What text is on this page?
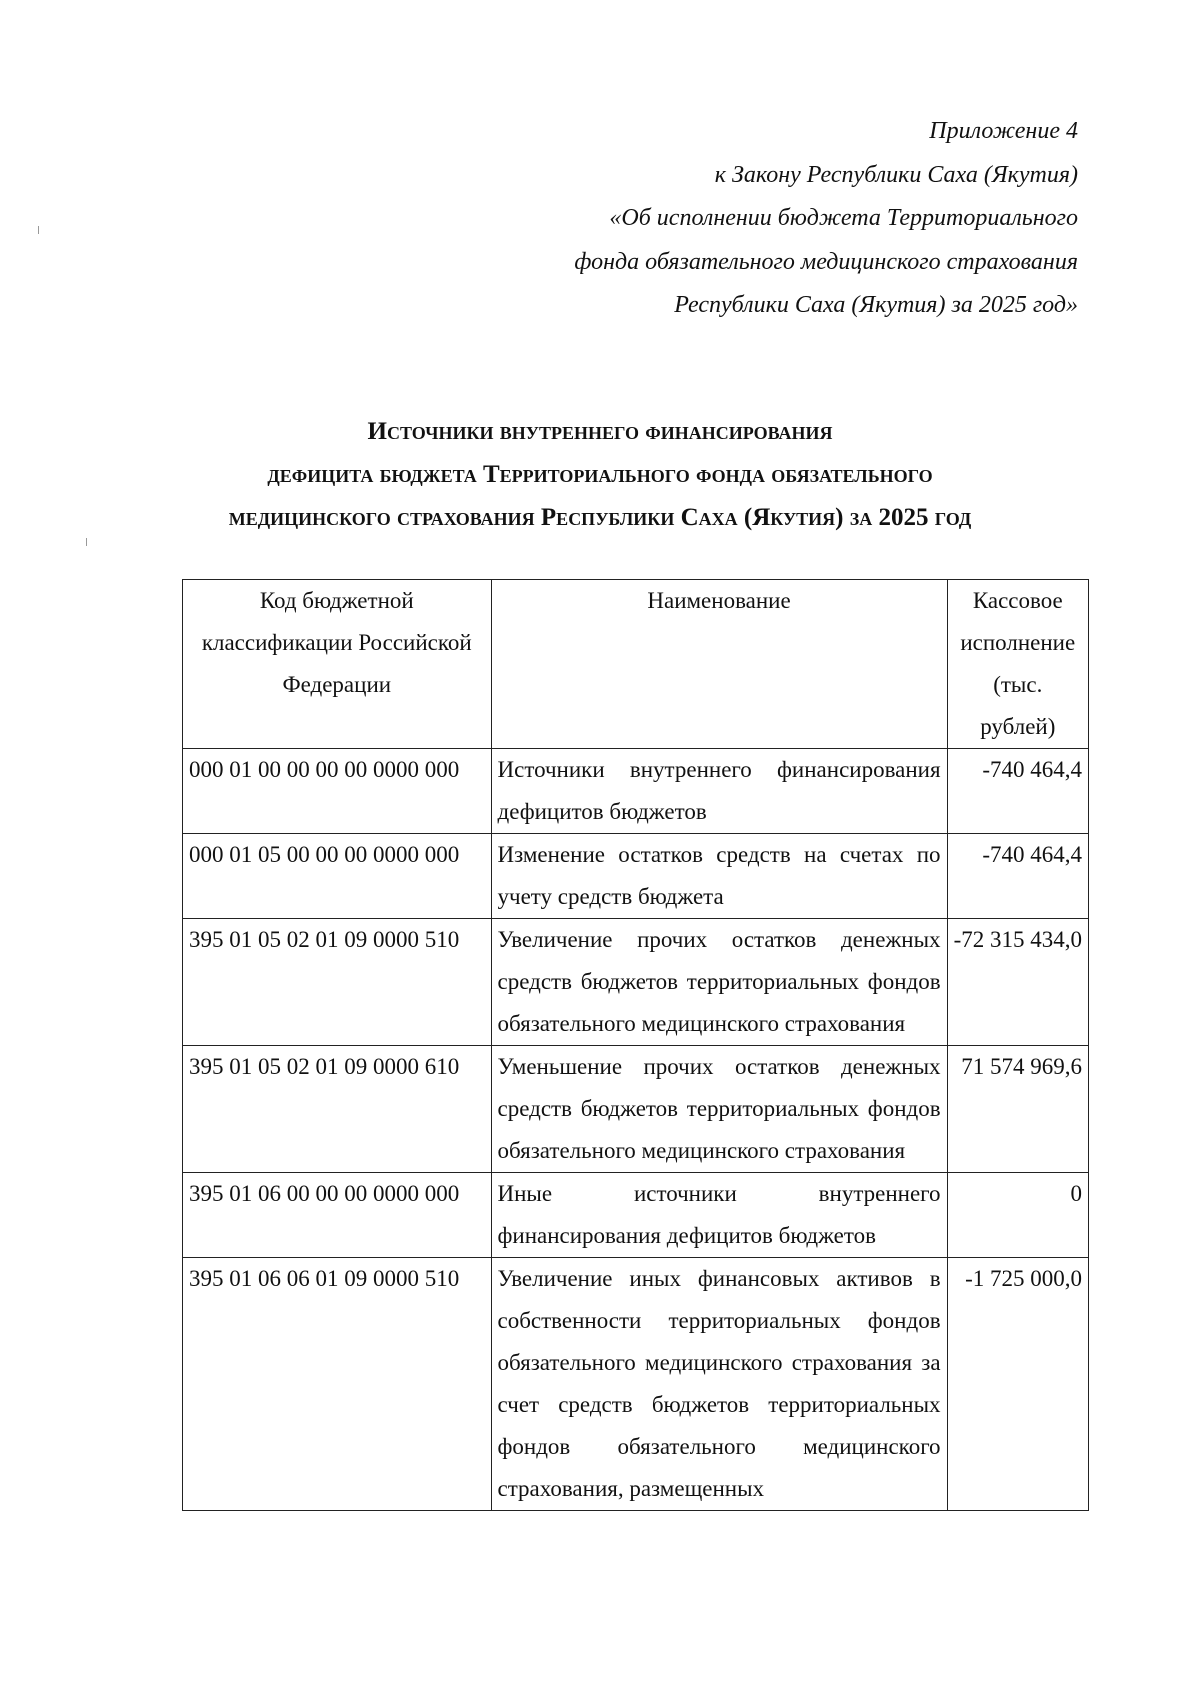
Приложение 4
к Закону Республики Саха (Якутия)
«Об исполнении бюджета Территориального
фонда обязательного медицинского страхования
Республики Саха (Якутия) за 2025 год»
Источники внутреннего финансирования
дефицита бюджета Территориального фонда обязательного
медицинского страхования Республики Саха (Якутия) за 2025 год
Код бюджетной классификации Российской Федерации	Наименование	Кассовое исполнение (тыс. рублей)
000 01 00 00 00 00 0000 000	Источники внутреннего финансирования дефицитов бюджетов	-740 464,4
000 01 05 00 00 00 0000 000	Изменение остатков средств на счетах по учету средств бюджета	-740 464,4
395 01 05 02 01 09 0000 510	Увеличение прочих остатков денежных средств бюджетов территориальных фондов обязательного медицинского страхования	-72 315 434,0
395 01 05 02 01 09 0000 610	Уменьшение прочих остатков денежных средств бюджетов территориальных фондов обязательного медицинского страхования	71 574 969,6
395 01 06 00 00 00 0000 000	Иные источники внутреннего финансирования дефицитов бюджетов	0
395 01 06 06 01 09 0000 510	Увеличение иных финансовых активов в собственности территориальных фондов обязательного медицинского страхования за счет средств бюджетов территориальных фондов обязательного медицинского страхования, размещенных	-1 725 000,0
